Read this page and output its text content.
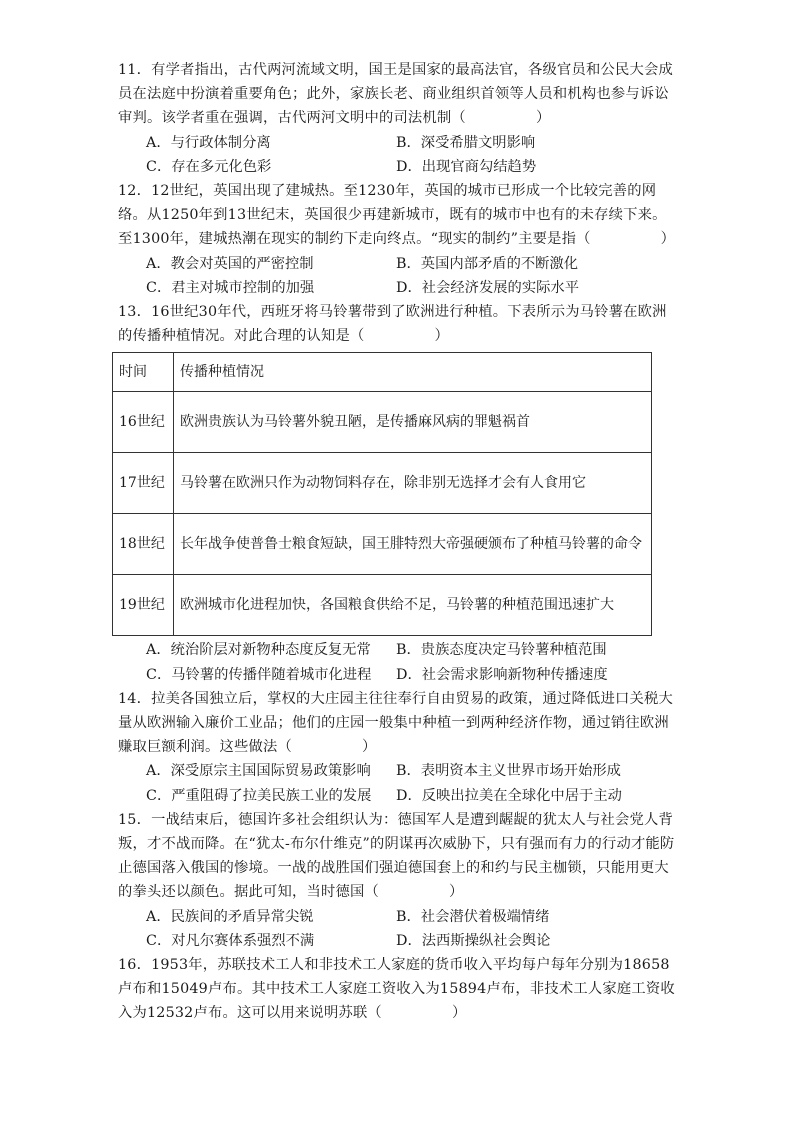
11．有学者指出，古代两河流域文明，国王是国家的最高法官，各级官员和公民大会成员在法庭中扮演着重要角色；此外，家族长老、商业组织首领等人员和机构也参与诉讼审判。该学者重在强调，古代两河文明中的司法机制（	）

A．与行政体制分离	B．深受希腊文明影响
C．存在多元化色彩	D．出现官商勾结趋势

12．12世纪，英国出现了建城热。至1230年，英国的城市已形成一个比较完善的网络。从1250年到13世纪末，英国很少再建新城市，既有的城市中也有的未存续下来。至1300年，建城热潮在现实的制约下走向终点。“现实的制约”主要是指（	）

A．教会对英国的严密控制	B．英国内部矛盾的不断激化
C．君主对城市控制的加强	D．社会经济发展的实际水平

13．16世纪30年代，西班牙将马铃薯带到了欧洲进行种植。下表所示为马铃薯在欧洲的传播种植情况。对此合理的认知是（	）

时间	传播种植情况
16世纪	欧洲贵族认为马铃薯外貌丑陋，是传播麻风病的罪魁祸首
17世纪	马铃薯在欧洲只作为动物饲料存在，除非别无选择才会有人食用它
18世纪	长年战争使普鲁士粮食短缺，国王腓特烈大帝强硬颁布了种植马铃薯的命令
19世纪	欧洲城市化进程加快，各国粮食供给不足，马铃薯的种植范围迅速扩大
A．统治阶层对新物种态度反复无常	B．贵族态度决定马铃薯种植范围
C．马铃薯的传播伴随着城市化进程	D．社会需求影响新物种传播速度

14．拉美各国独立后，掌权的大庄园主往往奉行自由贸易的政策，通过降低进口关税大量从欧洲输入廉价工业品；他们的庄园一般集中种植一到两种经济作物，通过销往欧洲赚取巨额利润。这些做法（	）

A．深受原宗主国国际贸易政策影响	B．表明资本主义世界市场开始形成
C．严重阻碍了拉美民族工业的发展	D．反映出拉美在全球化中居于主动

15．一战结束后，德国许多社会组织认为：德国军人是遭到龌龊的犹太人与社会党人背叛，才不战而降。在“犹太-布尔什维克”的阴谋再次威胁下，只有强而有力的行动才能防止德国落入俄国的惨境。一战的战胜国们强迫德国套上的和约与民主枷锁，只能用更大的拳头还以颜色。据此可知，当时德国（	）

A．民族间的矛盾异常尖锐	B．社会潜伏着极端情绪
C．对凡尔赛体系强烈不满	D．法西斯操纵社会舆论

16．1953年，苏联技术工人和非技术工人家庭的货币收入平均每户每年分别为18658卢布和15049卢布。其中技术工人家庭工资收入为15894卢布，非技术工人家庭工资收入为12532卢布。这可以用来说明苏联（	）
